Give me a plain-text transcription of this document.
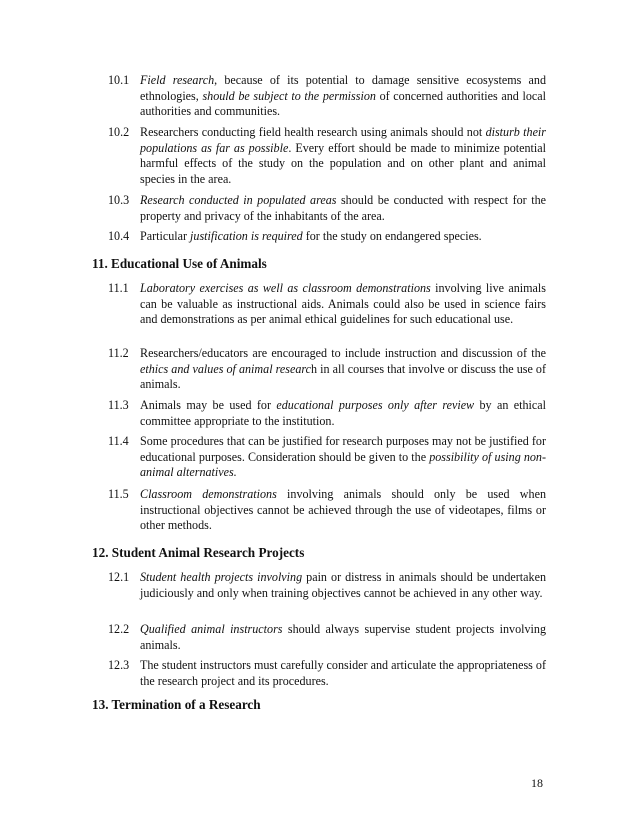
10.1 Field research, because of its potential to damage sensitive ecosystems and ethnologies, should be subject to the permission of concerned authorities and local authorities and communities.
10.2 Researchers conducting field health research using animals should not disturb their populations as far as possible. Every effort should be made to minimize potential harmful effects of the study on the population and on other plant and animal species in the area.
10.3 Research conducted in populated areas should be conducted with respect for the property and privacy of the inhabitants of the area.
10.4 Particular justification is required for the study on endangered species.
11. Educational Use of Animals
11.1 Laboratory exercises as well as classroom demonstrations involving live animals can be valuable as instructional aids. Animals could also be used in science fairs and demonstrations as per animal ethical guidelines for such educational use.
11.2 Researchers/educators are encouraged to include instruction and discussion of the ethics and values of animal research in all courses that involve or discuss the use of animals.
11.3 Animals may be used for educational purposes only after review by an ethical committee appropriate to the institution.
11.4 Some procedures that can be justified for research purposes may not be justified for educational purposes. Consideration should be given to the possibility of using non-animal alternatives.
11.5 Classroom demonstrations involving animals should only be used when instructional objectives cannot be achieved through the use of videotapes, films or other methods.
12. Student Animal Research Projects
12.1 Student health projects involving pain or distress in animals should be undertaken judiciously and only when training objectives cannot be achieved in any other way.
12.2 Qualified animal instructors should always supervise student projects involving animals.
12.3 The student instructors must carefully consider and articulate the appropriateness of the research project and its procedures.
13. Termination of a Research
18
